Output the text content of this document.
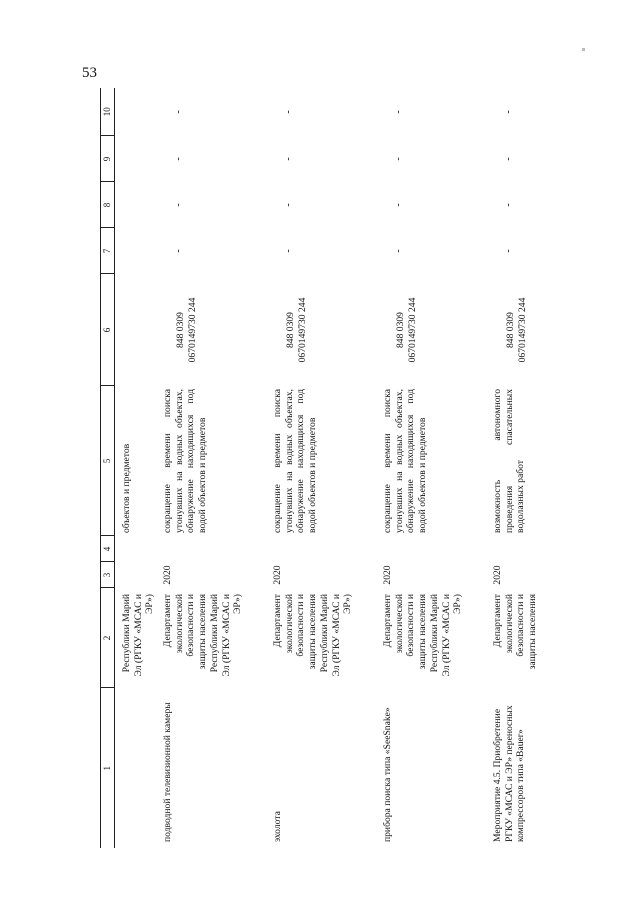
53
1	2	3	4	5	6	7	8	9	10
	Республики Марий Эл (РГКУ «МСАС и ЭР»)			объектов и предметов					
подводной телевизионной камеры	Департамент экологической безопасности и защиты населения Республики Марий Эл (РГКУ «МСАС и ЭР»)	2020		сокращение времени поиска утонувших на водных объектах, обнаружение находящихся под водой объектов и предметов	848 0309 0670149730 244	-	-	-	-
эхолота	Департамент экологической безопасности и защиты населения Республики Марий Эл (РГКУ «МСАС и ЭР»)	2020		сокращение времени поиска утонувших на водных объектах, обнаружение находящихся под водой объектов и предметов	848 0309 0670149730 244	-	-	-	-
прибора поиска типа «SeeSnake»	Департамент экологической безопасности и защиты населения Республики Марий Эл (РГКУ «МСАС и ЭР»)	2020		сокращение времени поиска утонувших на водных объектах, обнаружение находящихся под водой объектов и предметов	848 0309 0670149730 244	-	-	-	-
Мероприятие 4.5. Приобретение РГКУ «МСАС и ЭР» переносных компрессоров типа «Bauer»	Департамент экологической безопасности и защиты населения	2020		возможность автономного проведения спасательных водолазных работ	848 0309 0670149730 244	-	-	-	-
